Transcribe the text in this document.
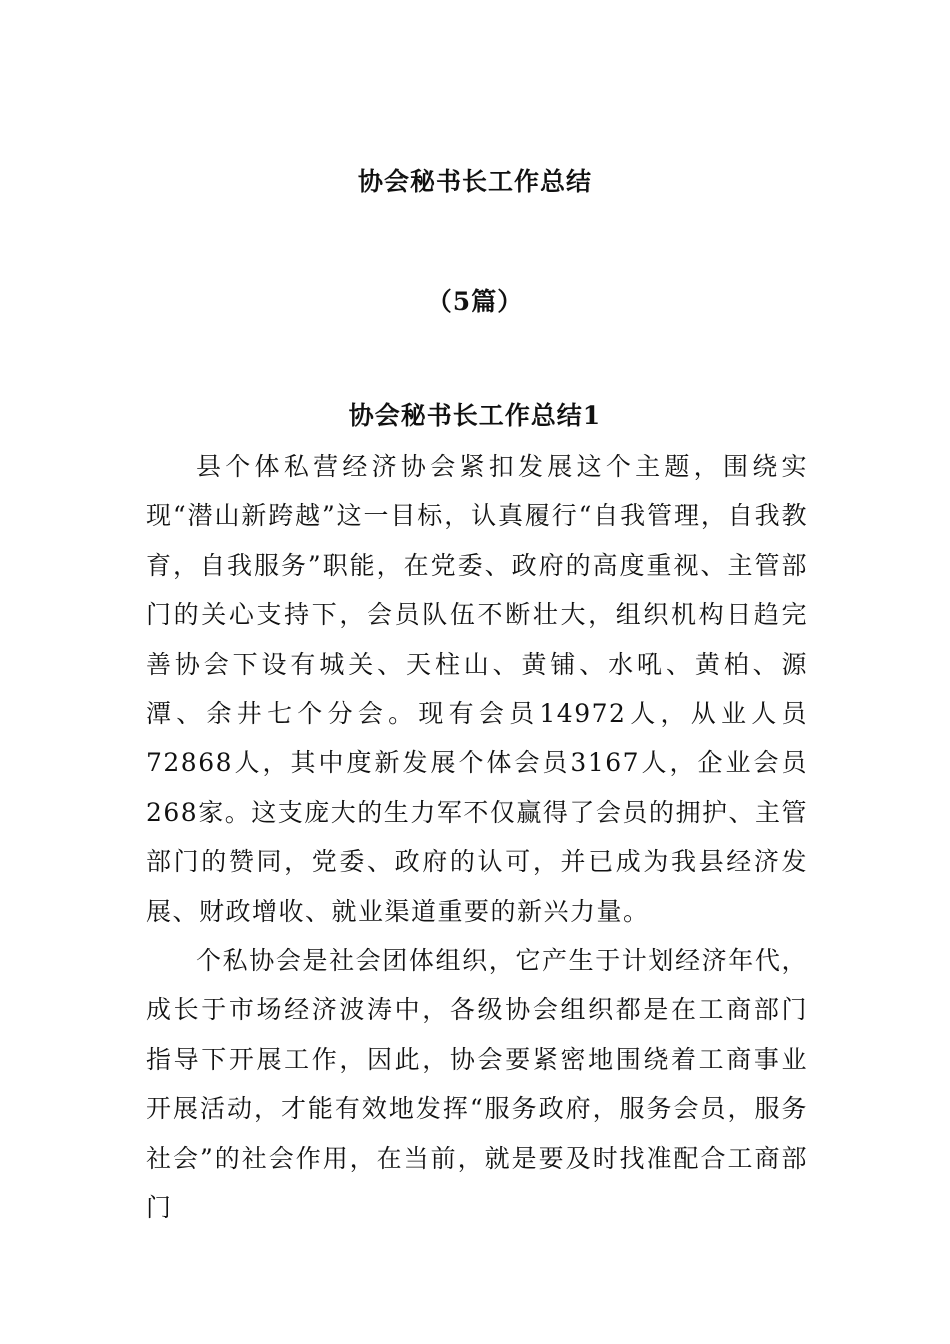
协会秘书长工作总结
（5篇）
协会秘书长工作总结1

县个体私营经济协会紧扣发展这个主题，围绕实现“潜山新跨越”这一目标，认真履行“自我管理，自我教育，自我服务”职能，在党委、政府的高度重视、主管部门的关心支持下，会员队伍不断壮大，组织机构日趋完善协会下设有城关、天柱山、黄铺、水吼、黄柏、源潭、余井七个分会。现有会员14972人，从业人员72868人，其中度新发展个体会员3167人，企业会员268家。这支庞大的生力军不仅赢得了会员的拥护、主管部门的赞同，党委、政府的认可，并已成为我县经济发展、财政增收、就业渠道重要的新兴力量。

个私协会是社会团体组织，它产生于计划经济年代，成长于市场经济波涛中，各级协会组织都是在工商部门指导下开展工作，因此，协会要紧密地围绕着工商事业开展活动，才能有效地发挥“服务政府，服务会员，服务社会”的社会作用，在当前，就是要及时找准配合工商部门
